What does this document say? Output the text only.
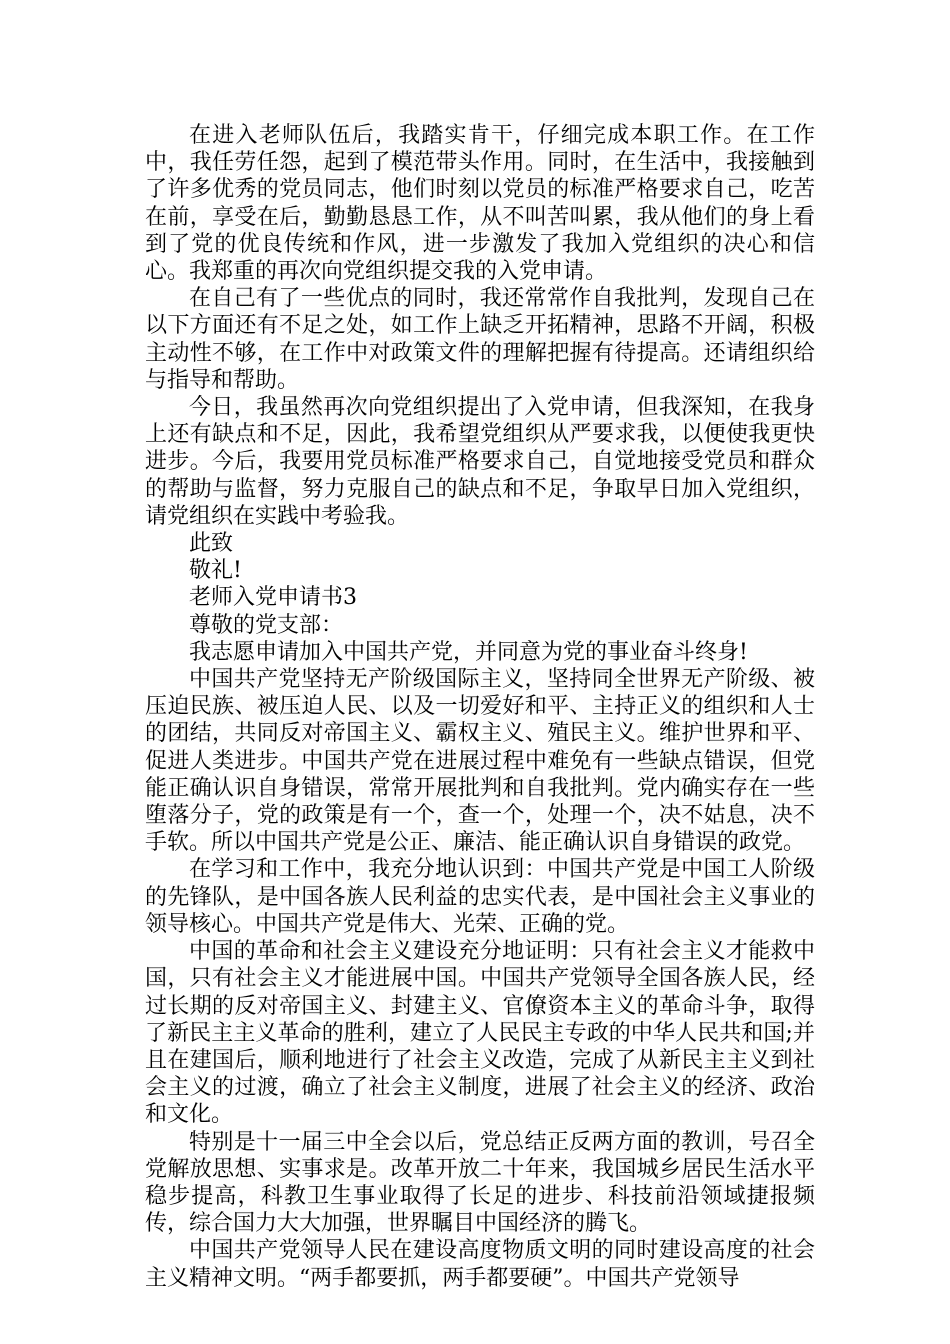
在进入老师队伍后，我踏实肯干，仔细完成本职工作。在工作中，我任劳任怨，起到了模范带头作用。同时，在生活中，我接触到了许多优秀的党员同志，他们时刻以党员的标准严格要求自己，吃苦在前，享受在后，勤勤恳恳工作，从不叫苦叫累，我从他们的身上看到了党的优良传统和作风，进一步激发了我加入党组织的决心和信心。我郑重的再次向党组织提交我的入党申请。

在自己有了一些优点的同时，我还常常作自我批判，发现自己在以下方面还有不足之处，如工作上缺乏开拓精神，思路不开阔，积极主动性不够，在工作中对政策文件的理解把握有待提高。还请组织给与指导和帮助。

今日，我虽然再次向党组织提出了入党申请，但我深知，在我身上还有缺点和不足，因此，我希望党组织从严要求我，以便使我更快进步。今后，我要用党员标准严格要求自己，自觉地接受党员和群众的帮助与监督，努力克服自己的缺点和不足，争取早日加入党组织，请党组织在实践中考验我。

此致

敬礼!

老师入党申请书3

尊敬的党支部：

我志愿申请加入中国共产党，并同意为党的事业奋斗终身!

中国共产党坚持无产阶级国际主义，坚持同全世界无产阶级、被压迫民族、被压迫人民、以及一切爱好和平、主持正义的组织和人士的团结，共同反对帝国主义、霸权主义、殖民主义。维护世界和平、促进人类进步。中国共产党在进展过程中难免有一些缺点错误，但党能正确认识自身错误，常常开展批判和自我批判。党内确实存在一些堕落分子，党的政策是有一个，查一个，处理一个，决不姑息，决不手软。所以中国共产党是公正、廉洁、能正确认识自身错误的政党。

在学习和工作中，我充分地认识到：中国共产党是中国工人阶级的先锋队，是中国各族人民利益的忠实代表，是中国社会主义事业的领导核心。中国共产党是伟大、光荣、正确的党。

中国的革命和社会主义建设充分地证明：只有社会主义才能救中国，只有社会主义才能进展中国。中国共产党领导全国各族人民，经过长期的反对帝国主义、封建主义、官僚资本主义的革命斗争，取得了新民主主义革命的胜利，建立了人民民主专政的中华人民共和国;并且在建国后，顺利地进行了社会主义改造，完成了从新民主主义到社会主义的过渡，确立了社会主义制度，进展了社会主义的经济、政治和文化。

特别是十一届三中全会以后，党总结正反两方面的教训，号召全党解放思想、实事求是。改革开放二十年来，我国城乡居民生活水平稳步提高，科教卫生事业取得了长足的进步、科技前沿领域捷报频传，综合国力大大加强，世界瞩目中国经济的腾飞。

中国共产党领导人民在建设高度物质文明的同时建设高度的社会主义精神文明。“两手都要抓，两手都要硬”。中国共产党领导
